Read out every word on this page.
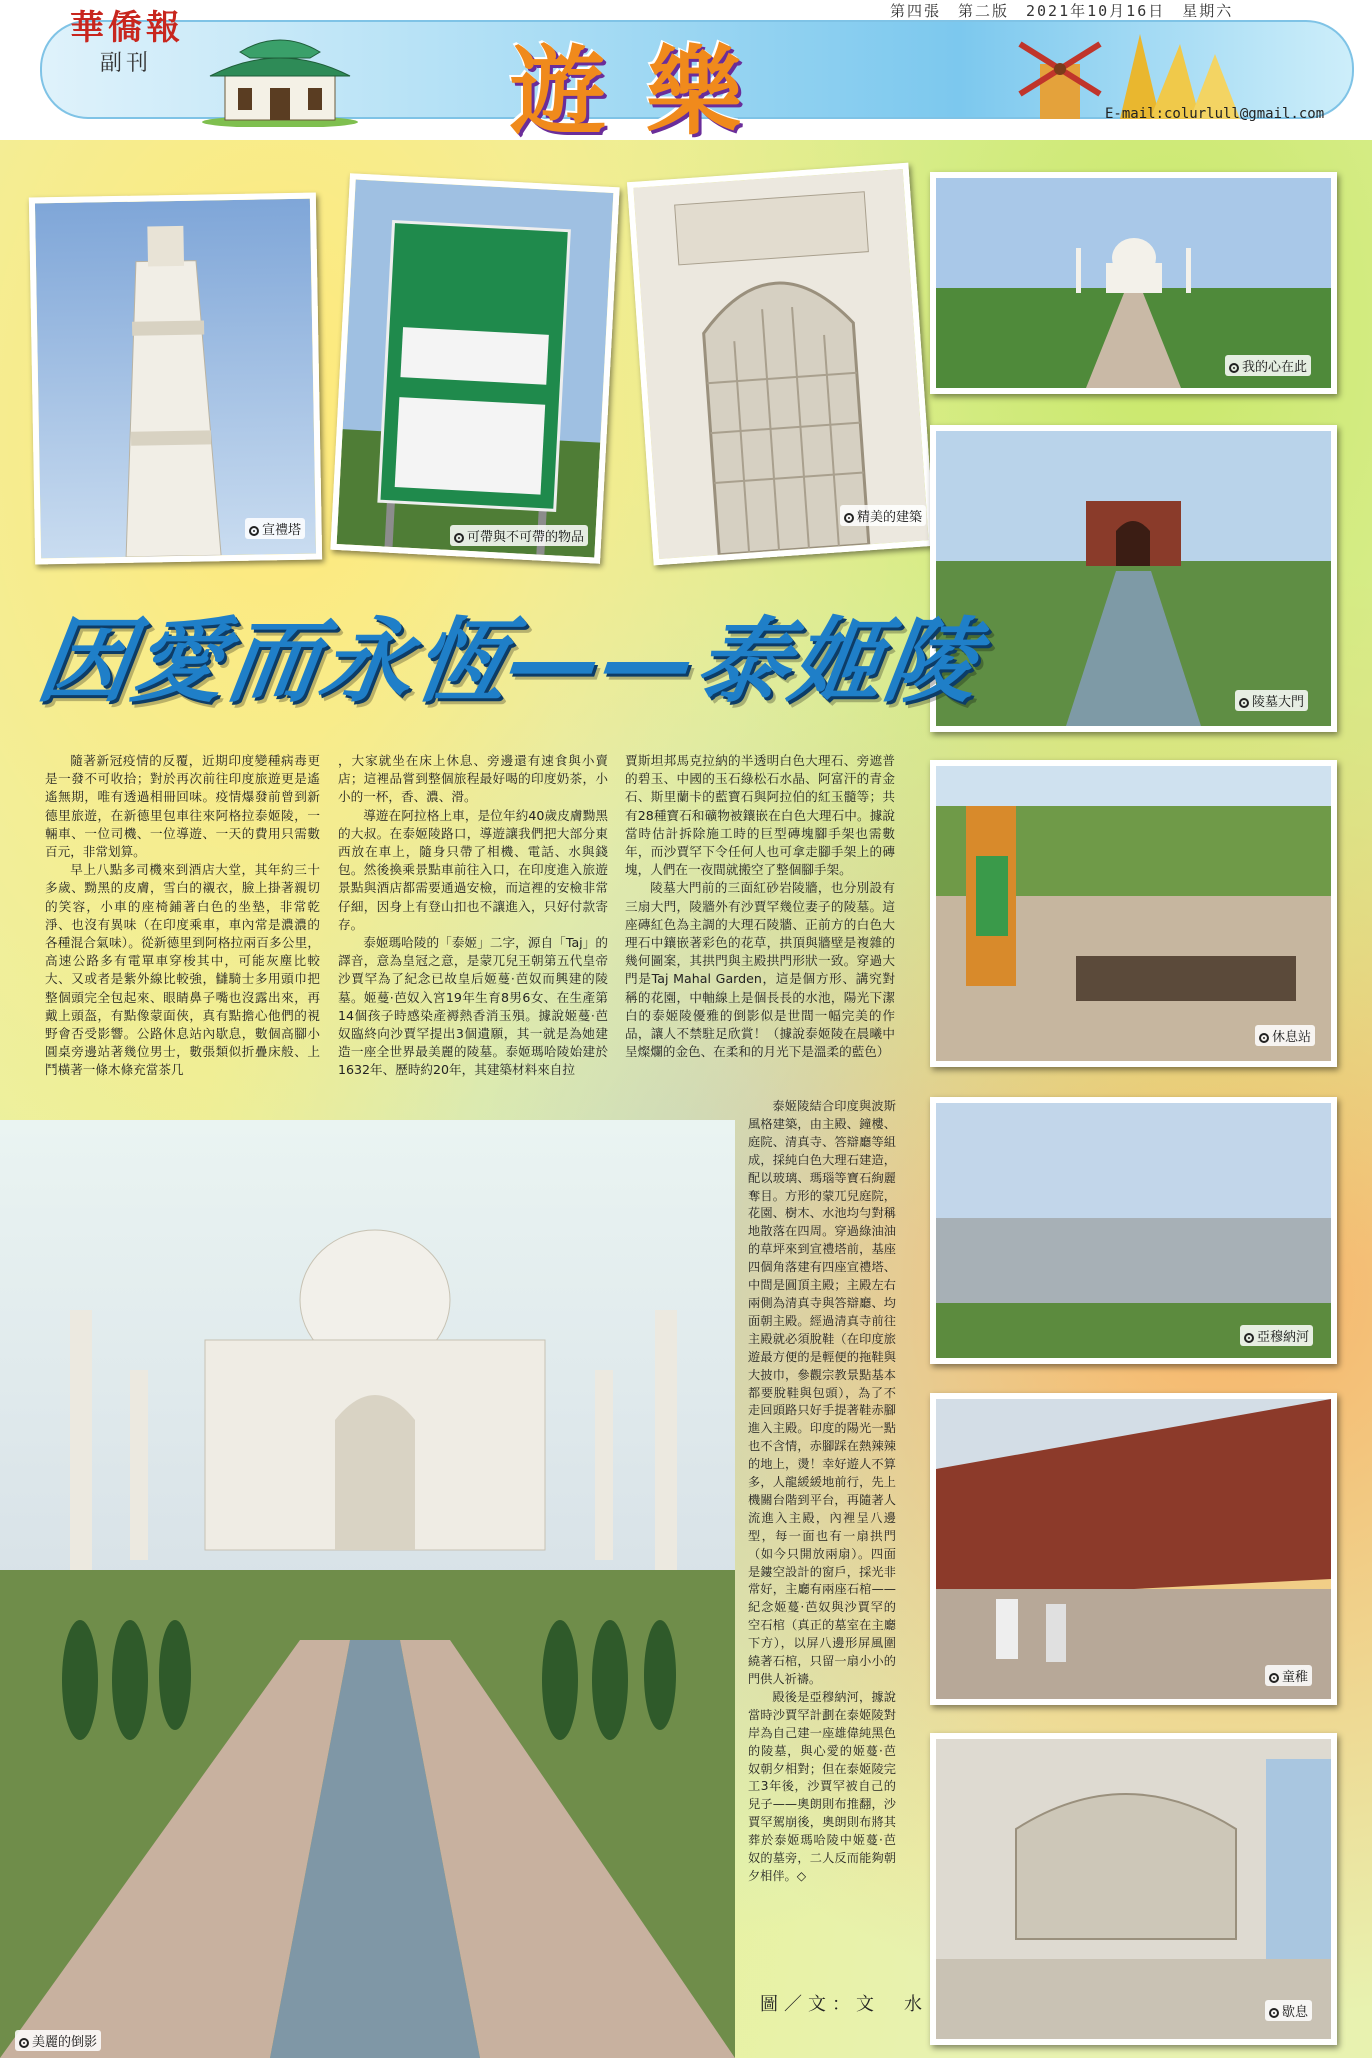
華僑報
副刊	遊樂
第四張　第二版　2021年10月16日　星期六
E-mail:colurlull@gmail.com
宣禮塔	可帶與不可帶的物品
精美的建築
我的心在此
陵墓大門
休息站
亞穆納河
童稚
歇息
因愛而永恆——泰姬陵
美麗的倒影

隨著新冠疫情的反覆，近期印度變種病毒更是一發不可收拾；對於再次前往印度旅遊更是遙遙無期，唯有透過相冊回味。疫情爆發前曾到新德里旅遊，在新德里包車往來阿格拉泰姬陵，一輛車、一位司機、一位導遊、一天的費用只需數百元，非常划算。

早上八點多司機來到酒店大堂，其年約三十多歲、黝黑的皮膚，雪白的襯衣，臉上掛著親切的笑容，小車的座椅鋪著白色的坐墊，非常乾淨、也沒有異味（在印度乘車，車內常是濃濃的各種混合氣味）。從新德里到阿格拉兩百多公里，高速公路多有電單車穿梭其中，可能灰塵比較大、又或者是紫外線比較強，讎騎士多用頭巾把整個頭完全包起來、眼睛鼻子嘴也沒露出來，再戴上頭盔，有點像蒙面俠，真有點擔心他們的視野會否受影響。公路休息站內歇息，數個高腳小圓桌旁邊站著幾位男士，數張類似折疊床般、上鬥橫著一條木條充當茶几

，大家就坐在床上休息、旁邊還有速食與小賣店；這裡品嘗到整個旅程最好喝的印度奶茶，小小的一杯，香、濃、滑。

導遊在阿拉格上車，是位年約40歲皮膚黝黑的大叔。在泰姬陵路口，導遊讓我們把大部分東西放在車上，隨身只帶了相機、電話、水與錢包。然後換乘景點車前往入口，在印度進入旅遊景點與酒店都需要通過安檢，而這裡的安檢非常仔細，因身上有登山扣也不讓進入，只好付款寄存。

泰姬瑪哈陵的「泰姬」二字，源自「Taj」的譯音，意為皇冠之意，是蒙兀兒王朝第五代皇帝沙賈罕為了紀念已故皇后姬蔓·芭奴而興建的陵墓。姬蔓·芭奴入宮19年生育8男6女、在生產第14個孩子時感染產褥熱香消玉殞。據說姬蔓·芭奴臨終向沙賈罕提出3個遺願，其一就是為她建造一座全世界最美麗的陵墓。泰姬瑪哈陵始建於1632年、歷時約20年，其建築材料來自拉

賈斯坦邦馬克拉納的半透明白色大理石、旁遮普的碧玉、中國的玉石綠松石水晶、阿富汗的青金石、斯里蘭卡的藍寶石與阿拉伯的紅玉髓等；共有28種寶石和礦物被鑲嵌在白色大理石中。據說當時估計拆除施工時的巨型磚塊腳手架也需數年，而沙賈罕下令任何人也可拿走腳手架上的磚塊，人們在一夜間就搬空了整個腳手架。

陵墓大門前的三面紅砂岩陵牆，也分別設有三扇大門，陵牆外有沙賈罕幾位妻子的陵墓。這座磚紅色為主調的大理石陵牆、正前方的白色大理石中鑲嵌著彩色的花草，拱頂與牆壁是複雜的幾何圖案，其拱門與主殿拱門形狀一致。穿過大門是Taj Mahal Garden，這是個方形、講究對稱的花園，中軸線上是個長長的水池，陽光下潔白的泰姬陵優雅的倒影似是世間一幅完美的作品，讓人不禁駐足欣賞！（據說泰姬陵在晨曦中呈燦爛的金色、在柔和的月光下是溫柔的藍色）

泰姬陵結合印度與波斯風格建築，由主殿、鐘樓、庭院、清真寺、答辯廳等組成，採純白色大理石建造，配以玻璃、瑪瑙等寶石絢麗奪目。方形的蒙兀兒庭院，花園、樹木、水池均勻對稱地散落在四周。穿過綠油油的草坪來到宣禮塔前，基座四個角落建有四座宣禮塔、中間是圓頂主殿；主殿左右兩側為清真寺與答辯廳、均面朝主殿。經過清真寺前往主殿就必須脫鞋（在印度旅遊最方便的是輕便的拖鞋與大披巾，參觀宗教景點基本都要脫鞋與包頭），為了不走回頭路只好手提著鞋赤腳進入主殿。印度的陽光一點也不含情，赤腳踩在熱辣辣的地上，燙！幸好遊人不算多，人龍緩緩地前行，先上機關台階到平台，再隨著人流進入主殿，內裡呈八邊型，每一面也有一扇拱門（如今只開放兩扇）。四面是鏤空設計的窗戶，採光非常好，主廳有兩座石棺——紀念姬蔓·芭奴與沙賈罕的空石棺（真正的墓室在主廳下方），以屏八邊形屏風圍繞著石棺，只留一扇小小的門供人祈禱。

殿後是亞穆納河，據說當時沙賈罕計劃在泰姬陵對岸為自己建一座雄偉純黑色的陵墓，與心愛的姬蔓·芭奴朝夕相對；但在泰姬陵完工3年後，沙賈罕被自己的兒子——奧朗則布推翻，沙賈罕駕崩後，奧朗則布將其葬於泰姬瑪哈陵中姬蔓·芭奴的墓旁，二人反而能夠朝夕相伴。◇

圖／文：文　水
